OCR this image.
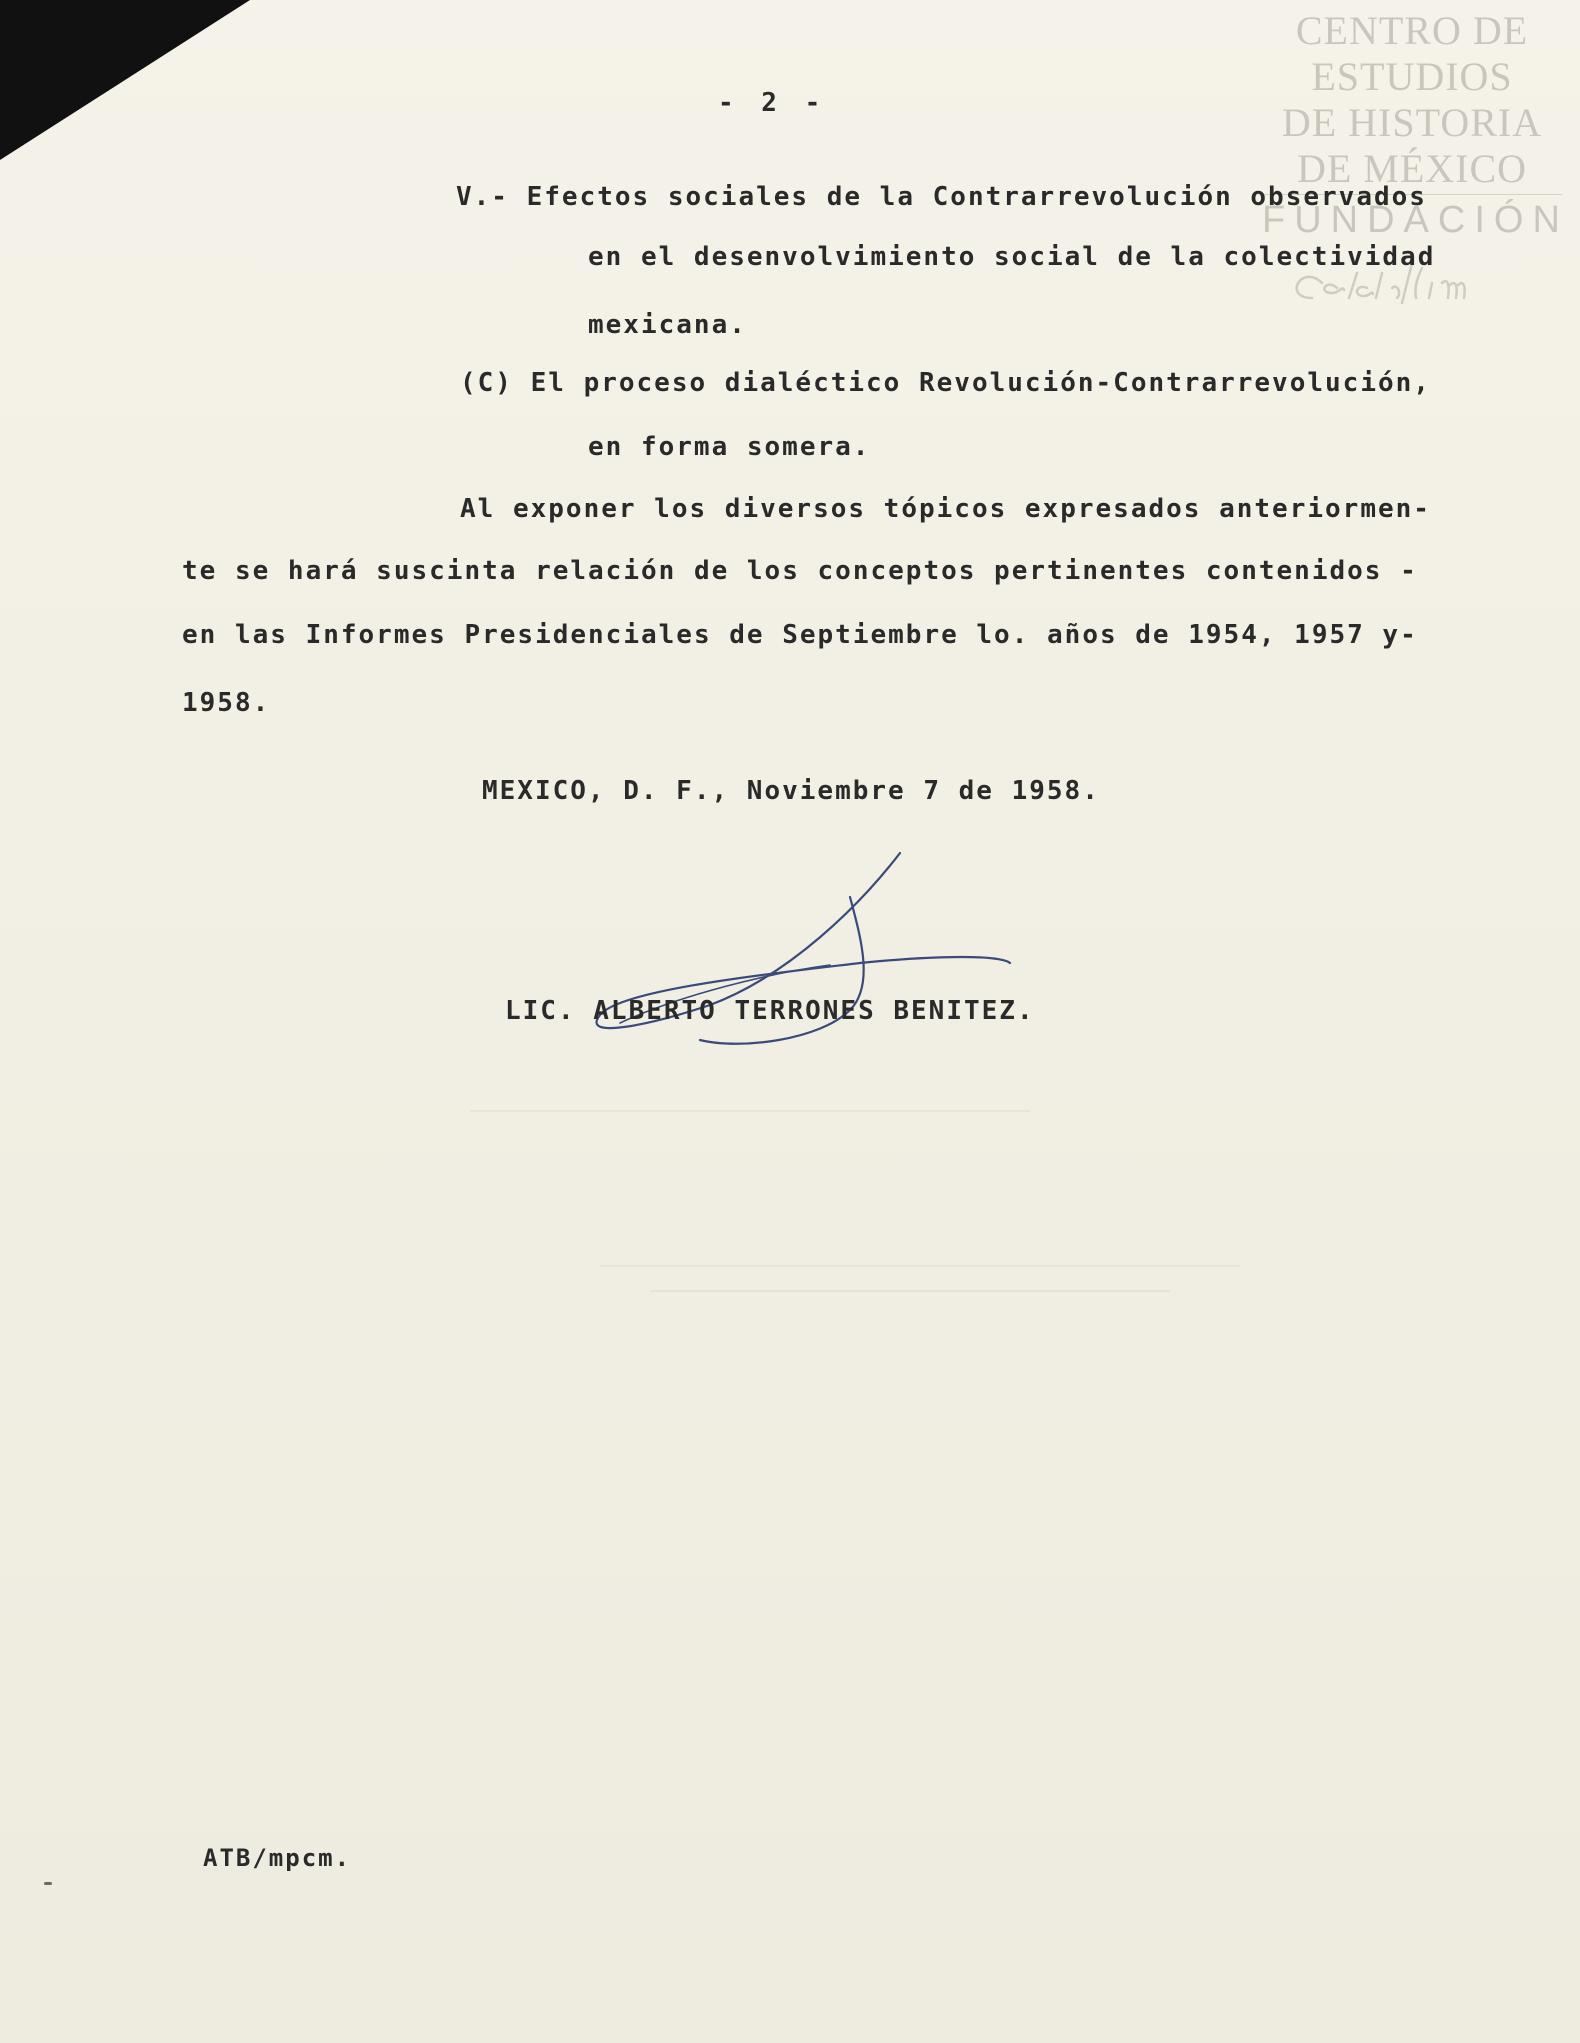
CENTRO DE
ESTUDIOS
DE HISTORIA
DE MÉXICO
FUNDACIÓN
- 2 -
V.- Efectos sociales de la Contrarrevolución observados
en el desenvolvimiento social de la colectividad
mexicana.
(C) El proceso dialéctico Revolución-Contrarrevolución,
en forma somera.
Al exponer los diversos tópicos expresados anteriormen-
te se hará suscinta relación de los conceptos pertinentes contenidos -
en las Informes Presidenciales de Septiembre lo. años de 1954, 1957 y-
1958.
MEXICO, D. F., Noviembre 7 de 1958.
LIC. ALBERTO TERRONES BENITEZ.
ATB/mpcm.
